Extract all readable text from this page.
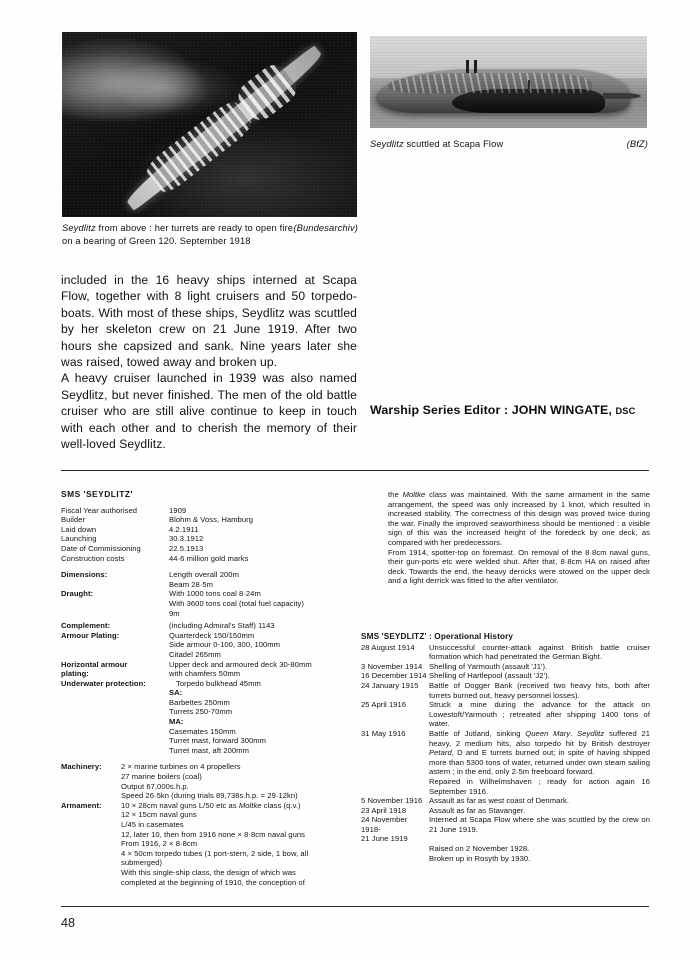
(BfZ)
Seydlitz scuttled at Scapa Flow
(Bundesarchiv)
Seydlitz from above : her turrets are ready to open fire on a bearing of Green 120. September 1918

included in the 16 heavy ships interned at Scapa Flow, together with 8 light cruisers and 50 torpedo-boats. With most of these ships, Seydlitz was scuttled by her skeleton crew on 21 June 1919. After two hours she capsized and sank. Nine years later she was raised, towed away and broken up.

A heavy cruiser launched in 1939 was also named Seydlitz, but never finished. The men of the old battle cruiser who are still alive continue to keep in touch with each other and to cherish the memory of their well-loved Seydlitz.

Warship Series Editor : JOHN WINGATE, DSC
SMS 'SEYDLITZ'
Fiscal Year authorised	1909
Builder	Blohm & Voss, Hamburg
Laid down	4.2.1911
Launching	30.3.1912
Date of Commissioning	22.5.1913
Construction costs	44·6 million gold marks
Dimensions:	Length overall 200m
Beam 28·5m
Draught:	With 1000 tons coal 8·24m
With 3600 tons coal (total fuel capacity)
9m
Complement:	(including Admiral's Staff) 1143
Armour Plating:	Quarterdeck 150/150mm
Side armour 0-100, 300, 100mm
Citadel 265mm
Horizontal armour	Upper deck and armoured deck 30-80mm
plating:	with chamfers 50mm
Underwater protection:	Torpedo bulkhead 45mm
SA:
Barbettes 250mm
Turrets 250-70mm
MA:
Casemates 150mm
Turret mast, forward 300mm
Turret mast, aft 200mm
Machinery:	2 × marine turbines on 4 propellers
27 marine boilers (coal)
Output 67,000s.h.p.
Speed 26·5kn (during trials 89,738s.h.p. = 29·12kn)
Armament:	10 × 28cm naval guns L/50 etc as Moltke class (q.v.)
12 × 15cm naval guns
L/45 in casemates
12, later 10, then from 1916 none × 8·8cm naval guns
From 1916, 2 × 8·8cm
4 × 50cm torpedo tubes (1 port-stern, 2 side, 1 bow, all
submerged)
With this single-ship class, the design of which was
completed at the beginning of 1910, the conception of

the Moltke class was maintained. With the same armament in the same arrangement, the speed was only increased by 1 knot, which resulted in increased stability. The correctness of this design was proved twice during the war. Finally the improved seaworthiness should be mentioned : a visible sign of this was the increased height of the foredeck by one deck, as compared with her predecessors.

From 1914, spotter-top on foremast. On removal of the 8·8cm naval guns, their gun-ports etc were welded shut. After that, 8·8cm HA on raised after deck. Towards the end, the heavy derricks were stowed on the upper deck and a light derrick was fitted to the after ventilator.

SMS 'SEYDLITZ' : Operational History
28 August 1914	Unsuccessful counter-attack against British battle cruiser formation which had penetrated the German Bight.
3 November 1914 Shelling of Yarmouth (assault 'J1').
16 December 1914 Shelling of Hartlepool (assault 'J2').
24 January 1915	Battle of Dogger Bank (received two heavy hits, both after turrets burned out, heavy personnel losses).
25 April 1916	Struck a mine during the advance for the attack on Lowestoft/Yarmouth ; retreated after shipping 1400 tons of water.
31 May 1916	Battle of Jutland, sinking Queen Mary. Seydlitz suffered 21 heavy, 2 medium hits, also torpedo hit by British destroyer Petard, D and E turrets burned out; in spite of having shipped more than 5300 tons of water, returned under own steam sailing astern ; in the end, only 2·5m freeboard forward.
Repaired in Wilhelmshaven ; ready for action again 16 September 1916.
5 November 1916 Assault as far as west coast of Denmark.
23 April 1918	Assault as far as Stavanger.
24 November 1918-
21 June 1919
Interned at Scapa Flow where she was scuttled by the crew on 21 June 1919.
Raised on 2 November 1928.
Broken up in Rosyth by 1930.
48
